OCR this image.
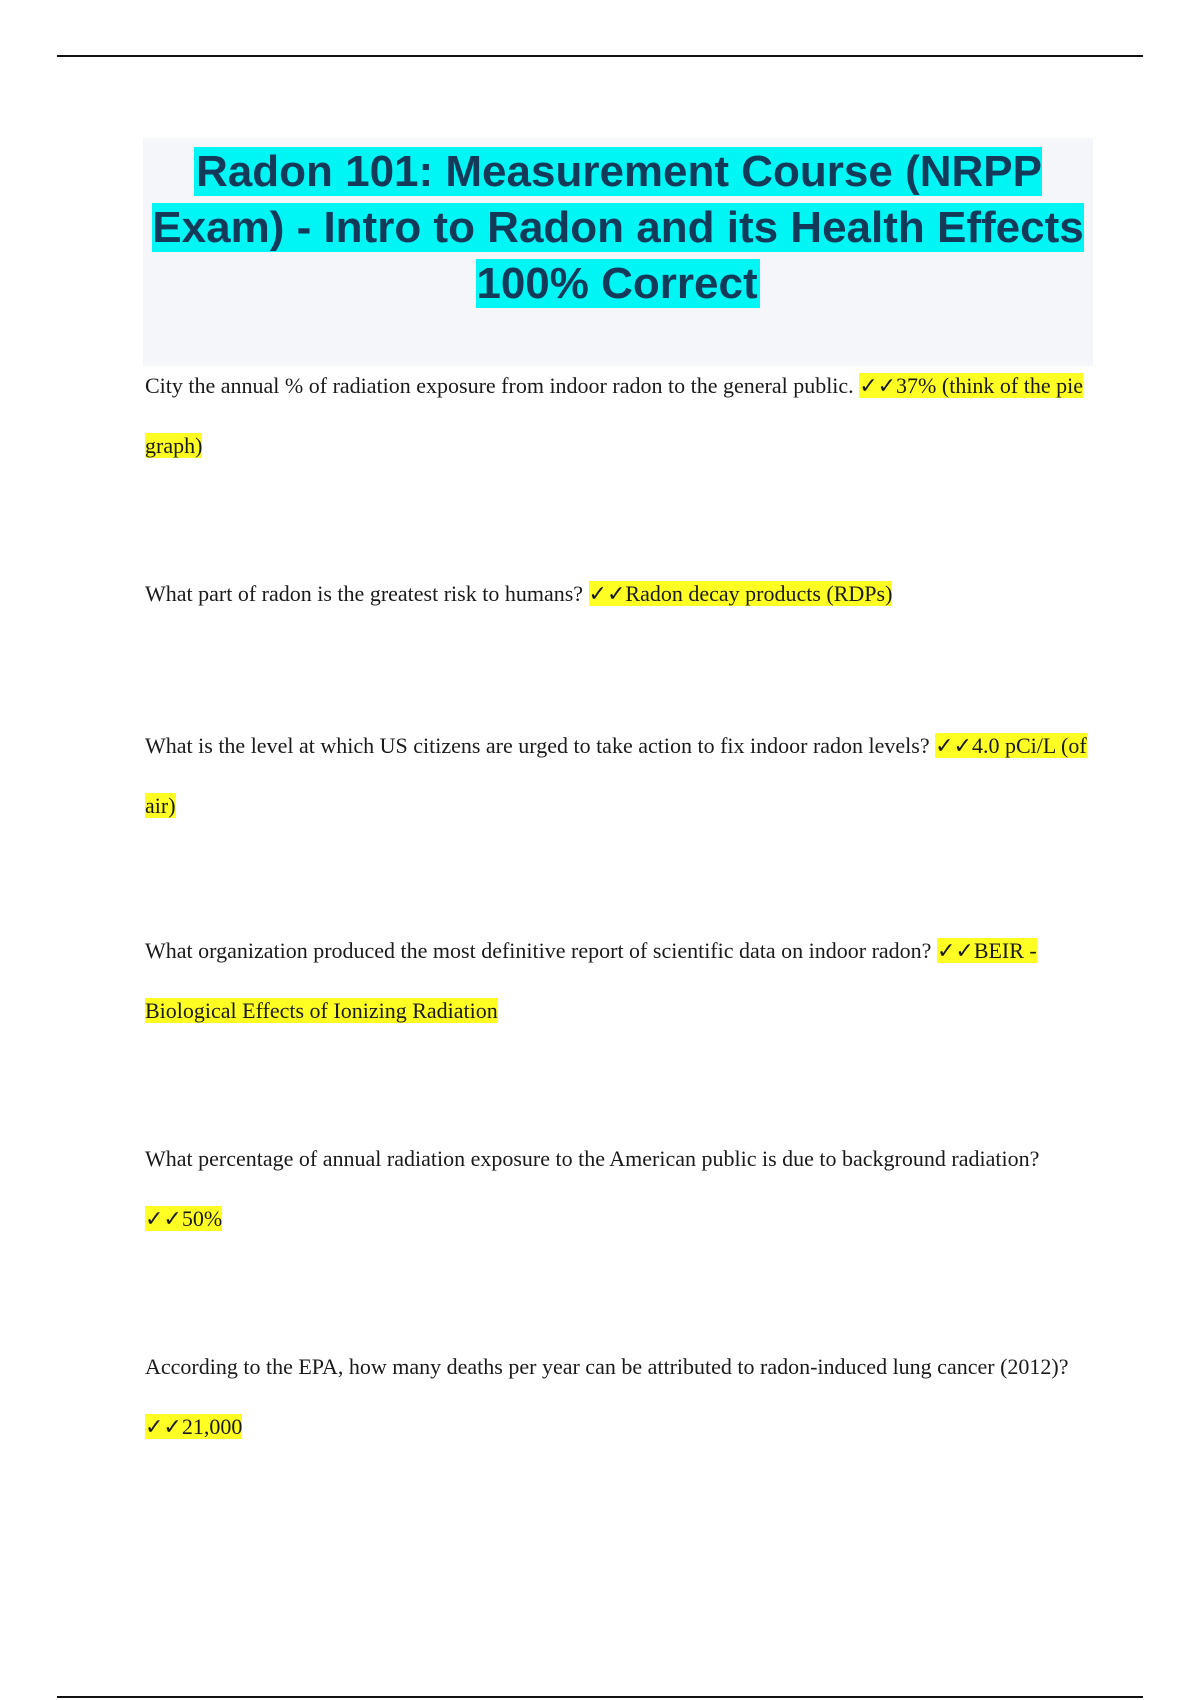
Radon 101: Measurement Course (NRPP Exam) - Intro to Radon and its Health Effects 100% Correct
City the annual % of radiation exposure from indoor radon to the general public. ✓✓37% (think of the pie graph)
What part of radon is the greatest risk to humans? ✓✓Radon decay products (RDPs)
What is the level at which US citizens are urged to take action to fix indoor radon levels? ✓✓4.0 pCi/L (of air)
What organization produced the most definitive report of scientific data on indoor radon? ✓✓BEIR - Biological Effects of Ionizing Radiation
What percentage of annual radiation exposure to the American public is due to background radiation? ✓✓50%
According to the EPA, how many deaths per year can be attributed to radon-induced lung cancer (2012)? ✓✓21,000
